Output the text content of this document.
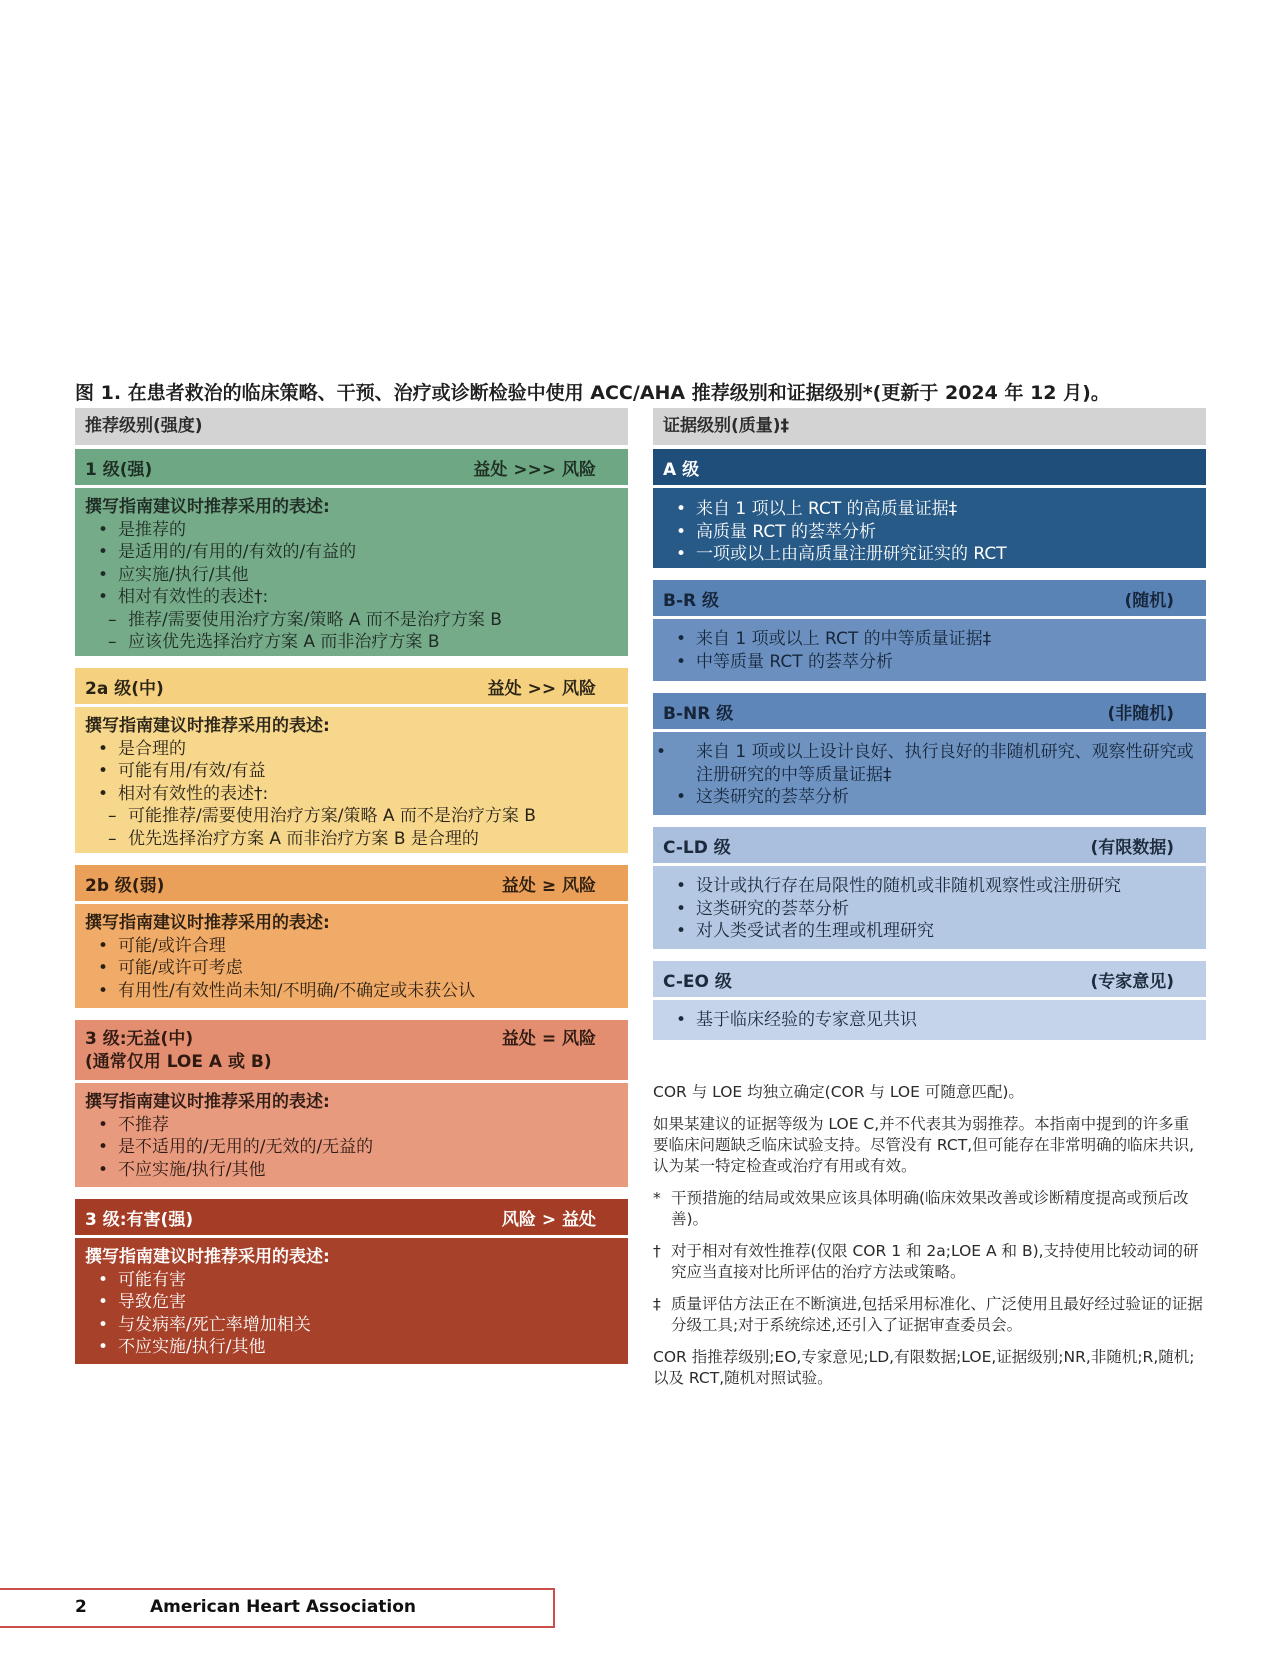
图 1. 在患者救治的临床策略、干预、治疗或诊断检验中使用 ACC/AHA 推荐级别和证据级别*(更新于 2024 年 12 月)。
推荐级别(强度)
1 级(强)	益处 >>> 风险
撰写指南建议时推荐采用的表述:
• 是推荐的
• 是适用的/有用的/有效的/有益的
• 应实施/执行/其他
• 相对有效性的表述†:
– 推荐/需要使用治疗方案/策略 A 而不是治疗方案 B
– 应该优先选择治疗方案 A 而非治疗方案 B
2a 级(中)	益处 >> 风险
撰写指南建议时推荐采用的表述:
• 是合理的
• 可能有用/有效/有益
• 相对有效性的表述†:
– 可能推荐/需要使用治疗方案/策略 A 而不是治疗方案 B
– 优先选择治疗方案 A 而非治疗方案 B 是合理的
2b 级(弱)	益处 ≥ 风险
撰写指南建议时推荐采用的表述:
• 可能/或许合理
• 可能/或许可考虑
• 有用性/有效性尚未知/不明确/不确定或未获公认
3 级:无益(中)
(通常仅用 LOE A 或 B)
益处 = 风险
撰写指南建议时推荐采用的表述:
• 不推荐
• 是不适用的/无用的/无效的/无益的
• 不应实施/执行/其他
3 级:有害(强)	风险 > 益处
撰写指南建议时推荐采用的表述:
• 可能有害
• 导致危害
• 与发病率/死亡率增加相关
• 不应实施/执行/其他
证据级别(质量)‡
A 级
• 来自 1 项以上 RCT 的高质量证据‡
• 高质量 RCT 的荟萃分析
• 一项或以上由高质量注册研究证实的 RCT
B-R 级	(随机)
• 来自 1 项或以上 RCT 的中等质量证据‡
• 中等质量 RCT 的荟萃分析
B-NR 级	(非随机)
• 来自 1 项或以上设计良好、执行良好的非随机研究、观察性研究或注册研究的中等质量证据‡
• 这类研究的荟萃分析
C-LD 级	(有限数据)
• 设计或执行存在局限性的随机或非随机观察性或注册研究
• 这类研究的荟萃分析
• 对人类受试者的生理或机理研究
C-EO 级	(专家意见)
• 基于临床经验的专家意见共识

COR 与 LOE 均独立确定(COR 与 LOE 可随意匹配)。

如果某建议的证据等级为 LOE C,并不代表其为弱推荐。本指南中提到的许多重要临床问题缺乏临床试验支持。尽管没有 RCT,但可能存在非常明确的临床共识,认为某一特定检查或治疗有用或有效。

* 干预措施的结局或效果应该具体明确(临床效果改善或诊断精度提高或预后改善)。
† 对于相对有效性推荐(仅限 COR 1 和 2a;LOE A 和 B),支持使用比较动词的研究应当直接对比所评估的治疗方法或策略。
‡ 质量评估方法正在不断演进,包括采用标准化、广泛使用且最好经过验证的证据分级工具;对于系统综述,还引入了证据审查委员会。

COR 指推荐级别;EO,专家意见;LD,有限数据;LOE,证据级别;NR,非随机;R,随机;以及 RCT,随机对照试验。

2	American Heart Association
